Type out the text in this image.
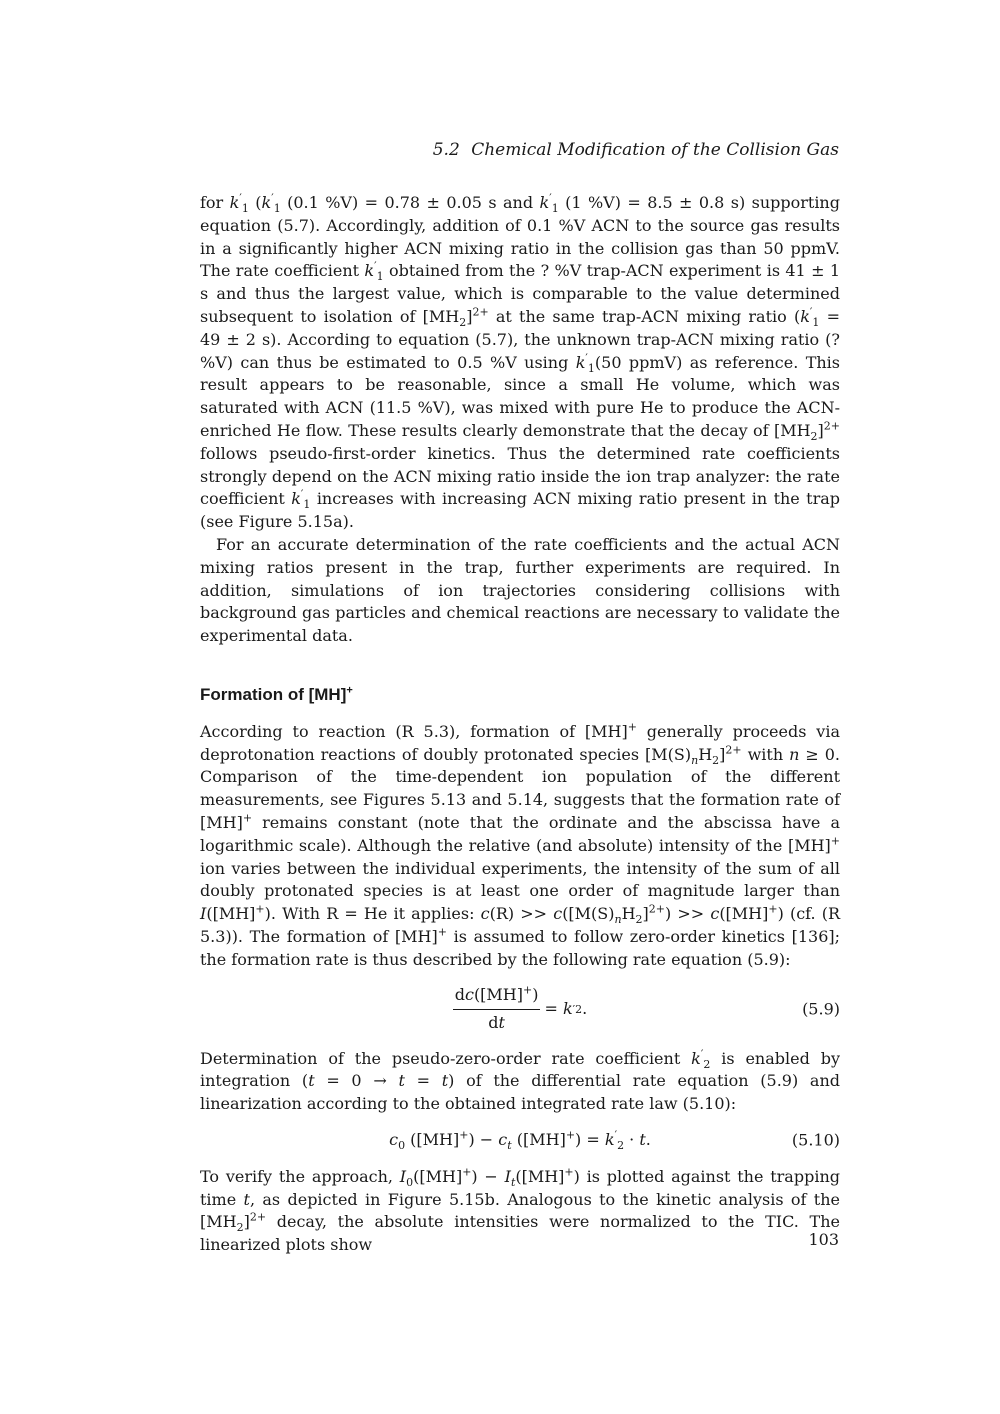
5.2 Chemical Modification of the Collision Gas

for $k'_1$ ($k'_1$ (0.1 %V) = 0.78 ± 0.05 s and $k'_1$ (1 %V) = 8.5 ± 0.8 s) supporting equation (5.7). Accordingly, addition of 0.1 %V ACN to the source gas results in a significantly higher ACN mixing ratio in the collision gas than 50 ppmV. The rate coefficient $k'_1$ obtained from the ? %V trap-ACN experiment is 41 ± 1 s and thus the largest value, which is comparable to the value determined subsequent to isolation of $[MH_2]^{2+}$ at the same trap-ACN mixing ratio ($k'_1 = 49 \pm 2$ s). According to equation (5.7), the unknown trap-ACN mixing ratio (? %V) can thus be estimated to 0.5 %V using $k'_1(50$ ppmV) as reference. This result appears to be reasonable, since a small He volume, which was saturated with ACN (11.5 %V), was mixed with pure He to produce the ACN-enriched He flow. These results clearly demonstrate that the decay of $[MH_2]^{2+}$ follows pseudo-first-order kinetics. Thus the determined rate coefficients strongly depend on the ACN mixing ratio inside the ion trap analyzer: the rate coefficient $k'_1$ increases with increasing ACN mixing ratio present in the trap (see Figure 5.15a).

For an accurate determination of the rate coefficients and the actual ACN mixing ratios present in the trap, further experiments are required. In addition, simulations of ion trajectories considering collisions with background gas particles and chemical reactions are necessary to validate the experimental data.

Formation of [MH]+

According to reaction (R 5.3), formation of [MH]+ generally proceeds via deprotonation reactions of doubly protonated species $[M(S)_nH_2]^{2+}$ with n ≥ 0. Comparison of the time-dependent ion population of the different measurements, see Figures 5.13 and 5.14, suggests that the formation rate of [MH]+ remains constant (note that the ordinate and the abscissa have a logarithmic scale). Although the relative (and absolute) intensity of the [MH]+ ion varies between the individual experiments, the intensity of the sum of all doubly protonated species is at least one order of magnitude larger than I([MH]+). With R = He it applies: $c(R) >> c([M(S)_nH_2]^{2+}) >> c([MH]^+)$ (cf. (R 5.3)). The formation of [MH]+ is assumed to follow zero-order kinetics [136]; the formation rate is thus described by the following rate equation (5.9):

$\frac{dc([MH]^+)}{dt}$ =
k ′ 2 .	(5.9)

Determination of the pseudo-zero-order rate coefficient $k'_2$ is enabled by integration (t = 0 → t = t) of the differential rate equation (5.9) and linearization according to the obtained integrated rate law (5.10):

$c_0$ $([MH]^+) - c_t$ $([MH]^+) = k'_2 \cdot t$.	(5.10)

To verify the approach, $I_0([MH]^+) - I_t([MH]^+)$ is plotted against the trapping time t, as depicted in Figure 5.15b. Analogous to the kinetic analysis of the $[MH_2]^{2+}$ decay, the absolute intensities were normalized to the TIC. The linearized plots show	103
